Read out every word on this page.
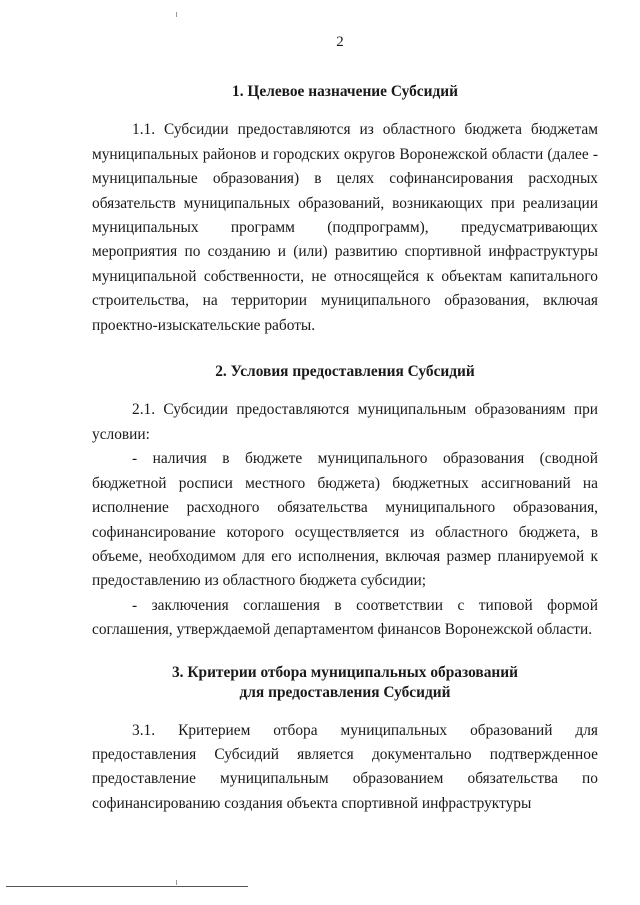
2
1. Целевое назначение Субсидий

1.1. Субсидии предоставляются из областного бюджета бюджетам муниципальных районов и городских округов Воронежской области (далее - муниципальные образования) в целях софинансирования расходных обязательств муниципальных образований, возникающих при реализации муниципальных программ (подпрограмм), предусматривающих мероприятия по созданию и (или) развитию спортивной инфраструктуры муниципальной собственности, не относящейся к объектам капитального строительства, на территории муниципального образования, включая проектно-изыскательские работы.

2. Условия предоставления Субсидий

2.1. Субсидии предоставляются муниципальным образованиям при условии:

- наличия в бюджете муниципального образования (сводной бюджетной росписи местного бюджета) бюджетных ассигнований на исполнение расходного обязательства муниципального образования, софинансирование которого осуществляется из областного бюджета, в объеме, необходимом для его исполнения, включая размер планируемой к предоставлению из областного бюджета субсидии;

- заключения соглашения в соответствии с типовой формой соглашения, утверждаемой департаментом финансов Воронежской области.

3. Критерии отбора муниципальных образований
для предоставления Субсидий

3.1. Критерием отбора муниципальных образований для предоставления Субсидий является документально подтвержденное предоставление муниципальным образованием обязательства по софинансированию создания объекта спортивной инфраструктуры
